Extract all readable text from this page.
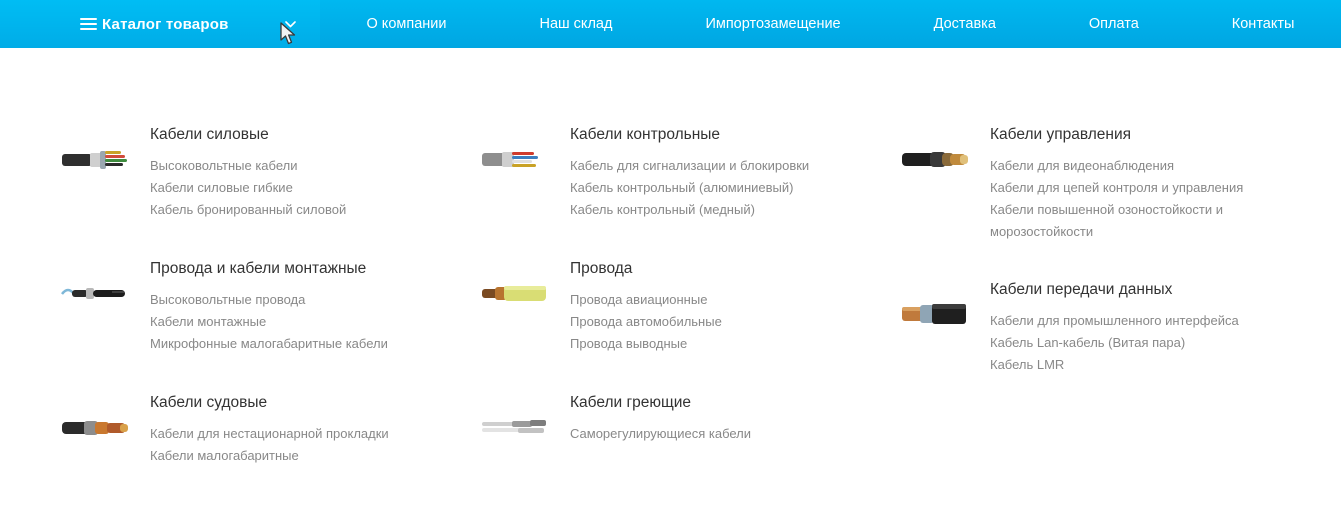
Каталог товаров	О компании	Наш склад	Импортозамещение	Доставка	Оплата	Контакты
Кабели силовые
Высоковольтные кабели
Кабели силовые гибкие
Кабель бронированный силовой
Провода и кабели монтажные
Высоковольтные провода
Кабели монтажные
Микрофонные малогабаритные кабели
Кабели судовые
Кабели для нестационарной прокладки
Кабели малогабаритные
Кабели контрольные
Кабель для сигнализации и блокировки
Кабель контрольный (алюминиевый)
Кабель контрольный (медный)
Провода
Провода авиационные
Провода автомобильные
Провода выводные
Кабели греющие
Саморегулирующиеся кабели
Кабели управления
Кабели для видеонаблюдения
Кабели для цепей контроля и управления
Кабели повышенной озоностойкости и морозостойкости
Кабели передачи данных
Кабели для промышленного интерфейса
Кабель Lan-кабель (Витая пара)
Кабель LMR
